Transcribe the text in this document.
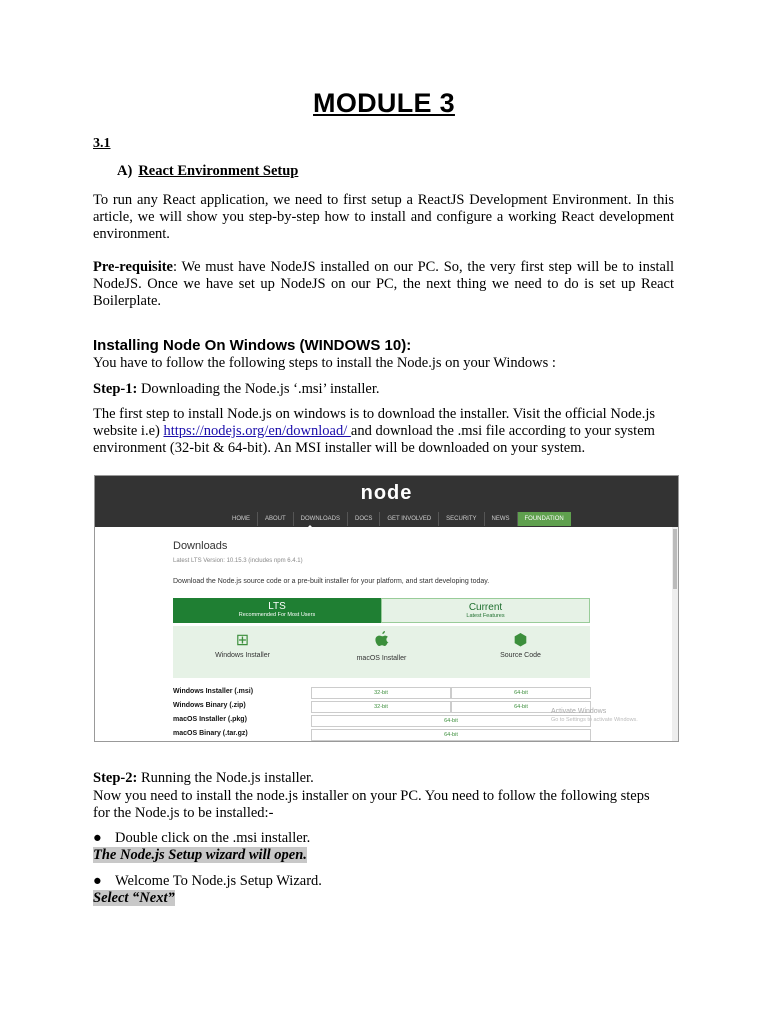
MODULE 3
3.1
A) React Environment Setup
To run any React application, we need to first setup a ReactJS Development Environment. In this article, we will show you step-by-step how to install and configure a working React development environment.
Pre-requisite: We must have NodeJS installed on our PC. So, the very first step will be to install NodeJS. Once we have set up NodeJS on our PC, the next thing we need to do is set up React Boilerplate.
Installing Node On Windows (WINDOWS 10):
You have to follow the following steps to install the Node.js on your Windows :
Step-1: Downloading the Node.js ‘.msi’ installer.
The first step to install Node.js on windows is to download the installer. Visit the official Node.js website i.e) https://nodejs.org/en/download/ and download the .msi file according to your system environment (32-bit & 64-bit). An MSI installer will be downloaded on your system.
node
HOME	ABOUT	DOWNLOADS	DOCS	GET INVOLVED	SECURITY	NEWS	FOUNDATION
Downloads
Latest LTS Version: 10.15.3 (includes npm 6.4.1)
Download the Node.js source code or a pre-built installer for your platform, and start developing today.
LTS
Recommended For Most Users
Current
Latest Features
⊞
Windows Installer	macOS Installer
⬢
Source Code
Windows Installer (.msi)	32-bit	64-bit
Windows Binary (.zip)	32-bit	64-bit
macOS Installer (.pkg)	64-bit
macOS Binary (.tar.gz)	64-bit
Activate Windows
Go to Settings to activate Windows.
Step-2: Running the Node.js installer.
Now you need to install the node.js installer on your PC. You need to follow the following steps for the Node.js to be installed:-
● Double click on the .msi installer.
The Node.js Setup wizard will open.
● Welcome To Node.js Setup Wizard.
Select “Next”
